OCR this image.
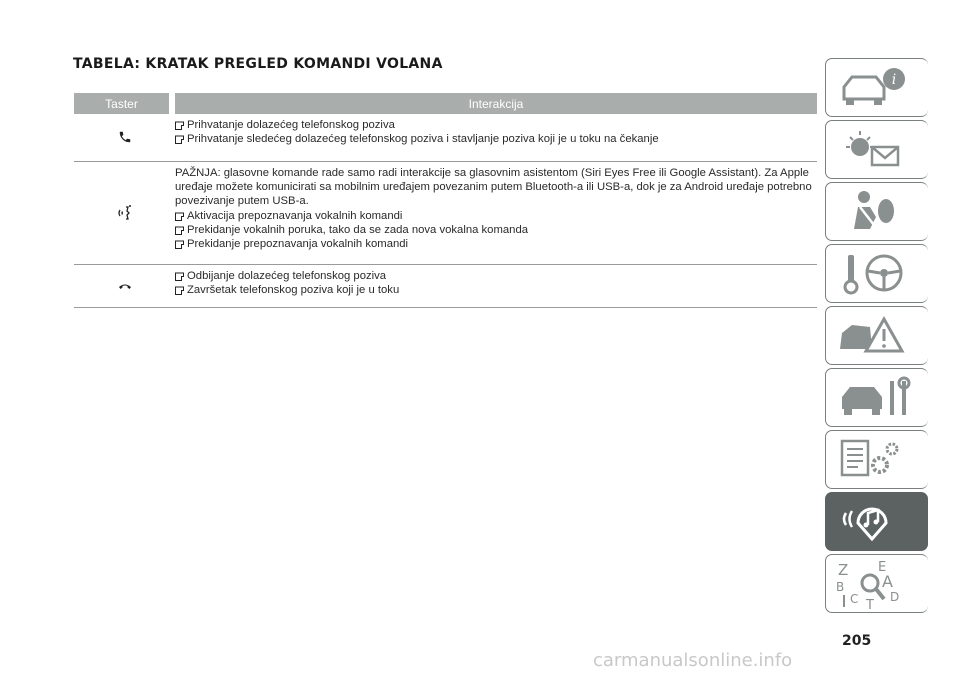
TABELA: KRATAK PREGLED KOMANDI VOLANA
Taster	Interakcija
Prihvatanje dolazećeg telefonskog poziva
Prihvatanje sledećeg dolazećeg telefonskog poziva i stavljanje poziva koji je u toku na čekanje

PAŽNJA: glasovne komande rade samo radi interakcije sa glasovnim asistentom (Siri Eyes Free ili Google Assistant). Za Apple uređaje možete komunicirati sa mobilnim uređajem povezanim putem Bluetooth-a ili USB-a, dok je za Android uređaje potrebno povezivanje putem USB-a.

Aktivacija prepoznavanja vokalnih komandi
Prekidanje vokalnih poruka, tako da se zada nova vokalna komanda
Prekidanje prepoznavanja vokalnih komandi
Odbijanje dolazećeg telefonskog poziva
Završetak telefonskog poziva koji je u toku
i
Z E
A
B
C	D
T

205

carmanualsonline.info
